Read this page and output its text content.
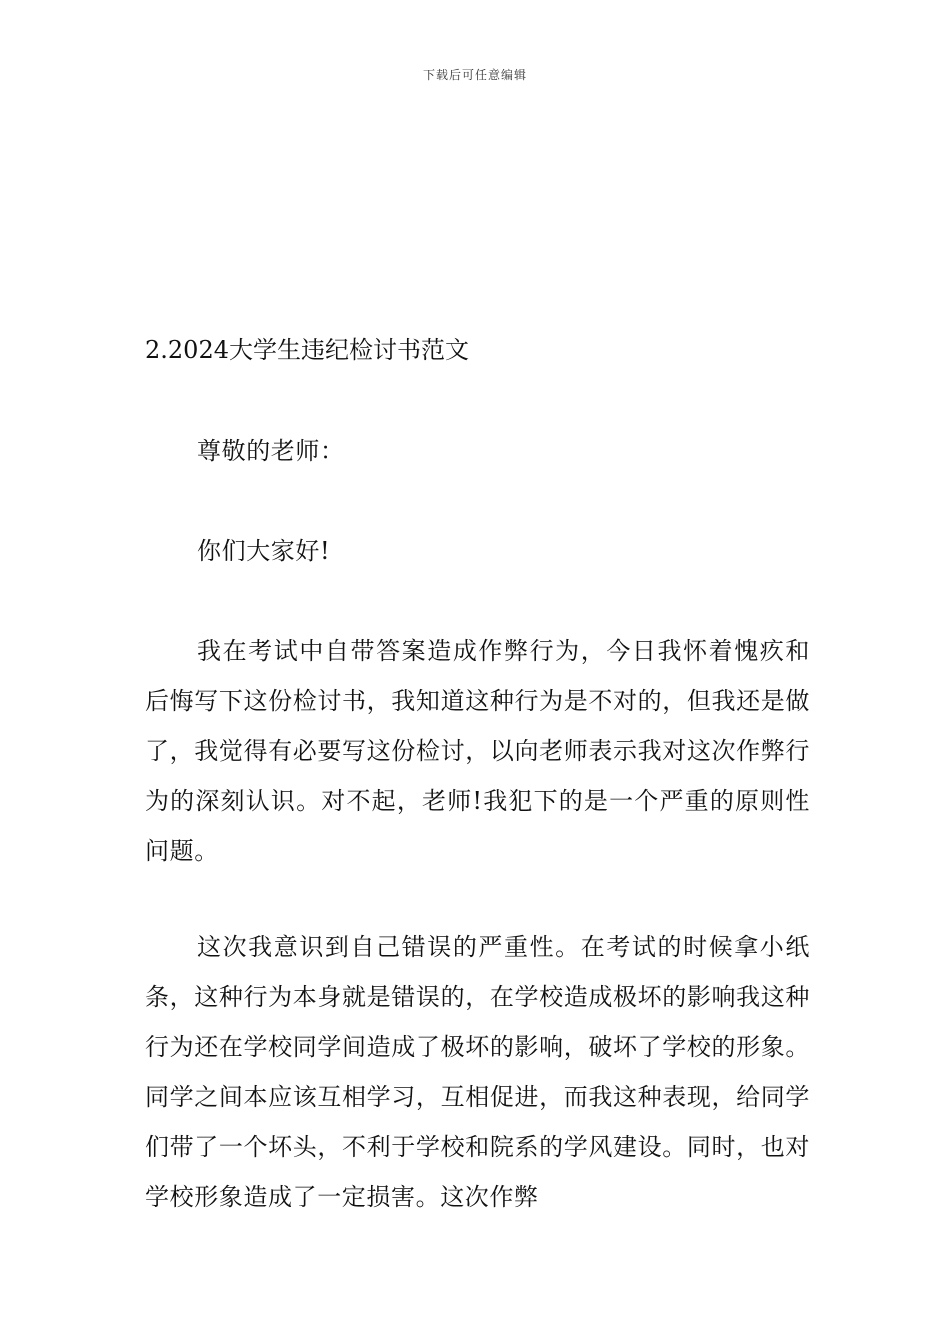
下载后可任意编辑
2.2024大学生违纪检讨书范文

尊敬的老师：

你们大家好!

我在考试中自带答案造成作弊行为，今日我怀着愧疚和后悔写下这份检讨书，我知道这种行为是不对的，但我还是做了，我觉得有必要写这份检讨，以向老师表示我对这次作弊行为的深刻认识。对不起，老师!我犯下的是一个严重的原则性问题。

这次我意识到自己错误的严重性。在考试的时候拿小纸条，这种行为本身就是错误的，在学校造成极坏的影响我这种行为还在学校同学间造成了极坏的影响，破坏了学校的形象。同学之间本应该互相学习，互相促进，而我这种表现，给同学们带了一个坏头，不利于学校和院系的学风建设。同时，也对学校形象造成了一定损害。这次作弊
